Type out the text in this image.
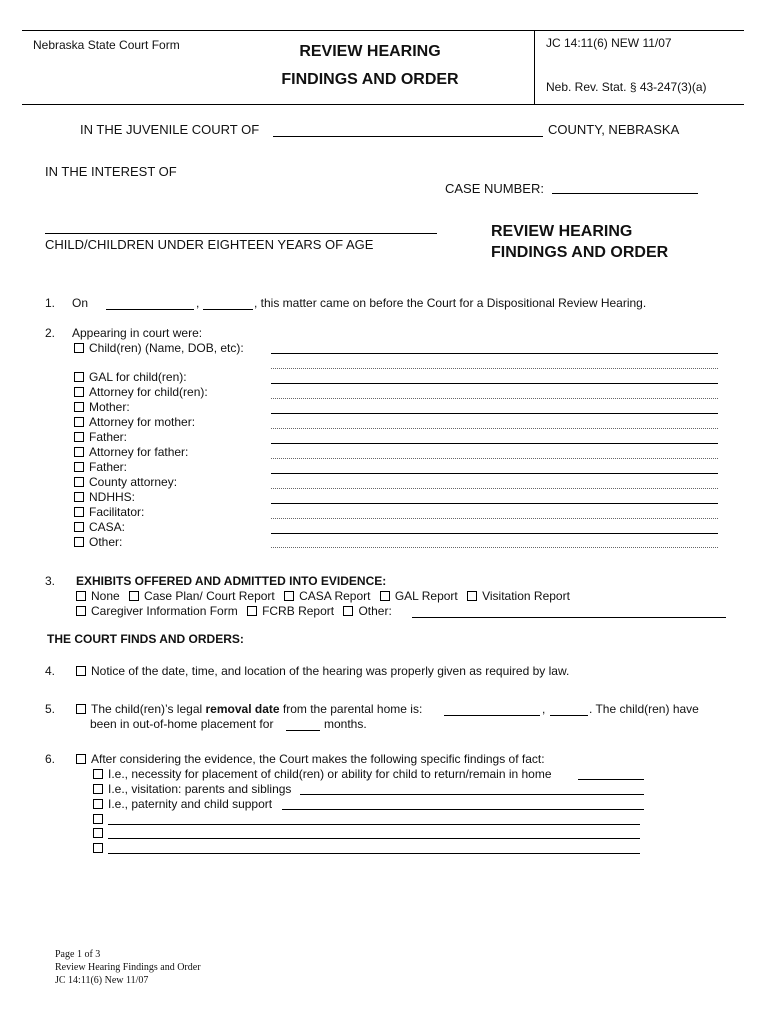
Nebraska State Court Form	REVIEW HEARING
FINDINGS AND ORDER
JC 14:11(6) NEW 11/07
Neb. Rev. Stat. § 43-247(3)(a)
IN THE JUVENILE COURT OF	COUNTY, NEBRASKA
IN THE INTEREST OF
CASE NUMBER:
CHILD/CHILDREN UNDER EIGHTEEN YEARS OF AGE
REVIEW HEARING
FINDINGS AND ORDER
1. On	,	, this matter came on before the Court for a Dispositional Review Hearing.
2. Appearing in court were:
Child(ren) (Name, DOB, etc):
GAL for child(ren):
Attorney for child(ren):
Mother:
Attorney for mother:
Father:
Attorney for father:
Father:
County attorney:
NDHHS:
Facilitator:
CASA:
Other:
3. EXHIBITS OFFERED AND ADMITTED INTO EVIDENCE:
None Case Plan/ Court Report CASA Report GAL Report Visitation Report
Caregiver Information Form FCRB Report Other:
THE COURT FINDS AND ORDERS:
4.	Notice of the date, time, and location of the hearing was properly given as required by law.
5.	The child(ren)’s legal removal date from the parental home is:	,	. The child(ren) have
been in out-of-home placement for	months.
6.	After considering the evidence, the Court makes the following specific findings of fact:
I.e., necessity for placement of child(ren) or ability for child to return/remain in home
I.e., visitation: parents and siblings
I.e., paternity and child support
Page 1 of 3
Review Hearing Findings and Order
JC 14:11(6) New 11/07
